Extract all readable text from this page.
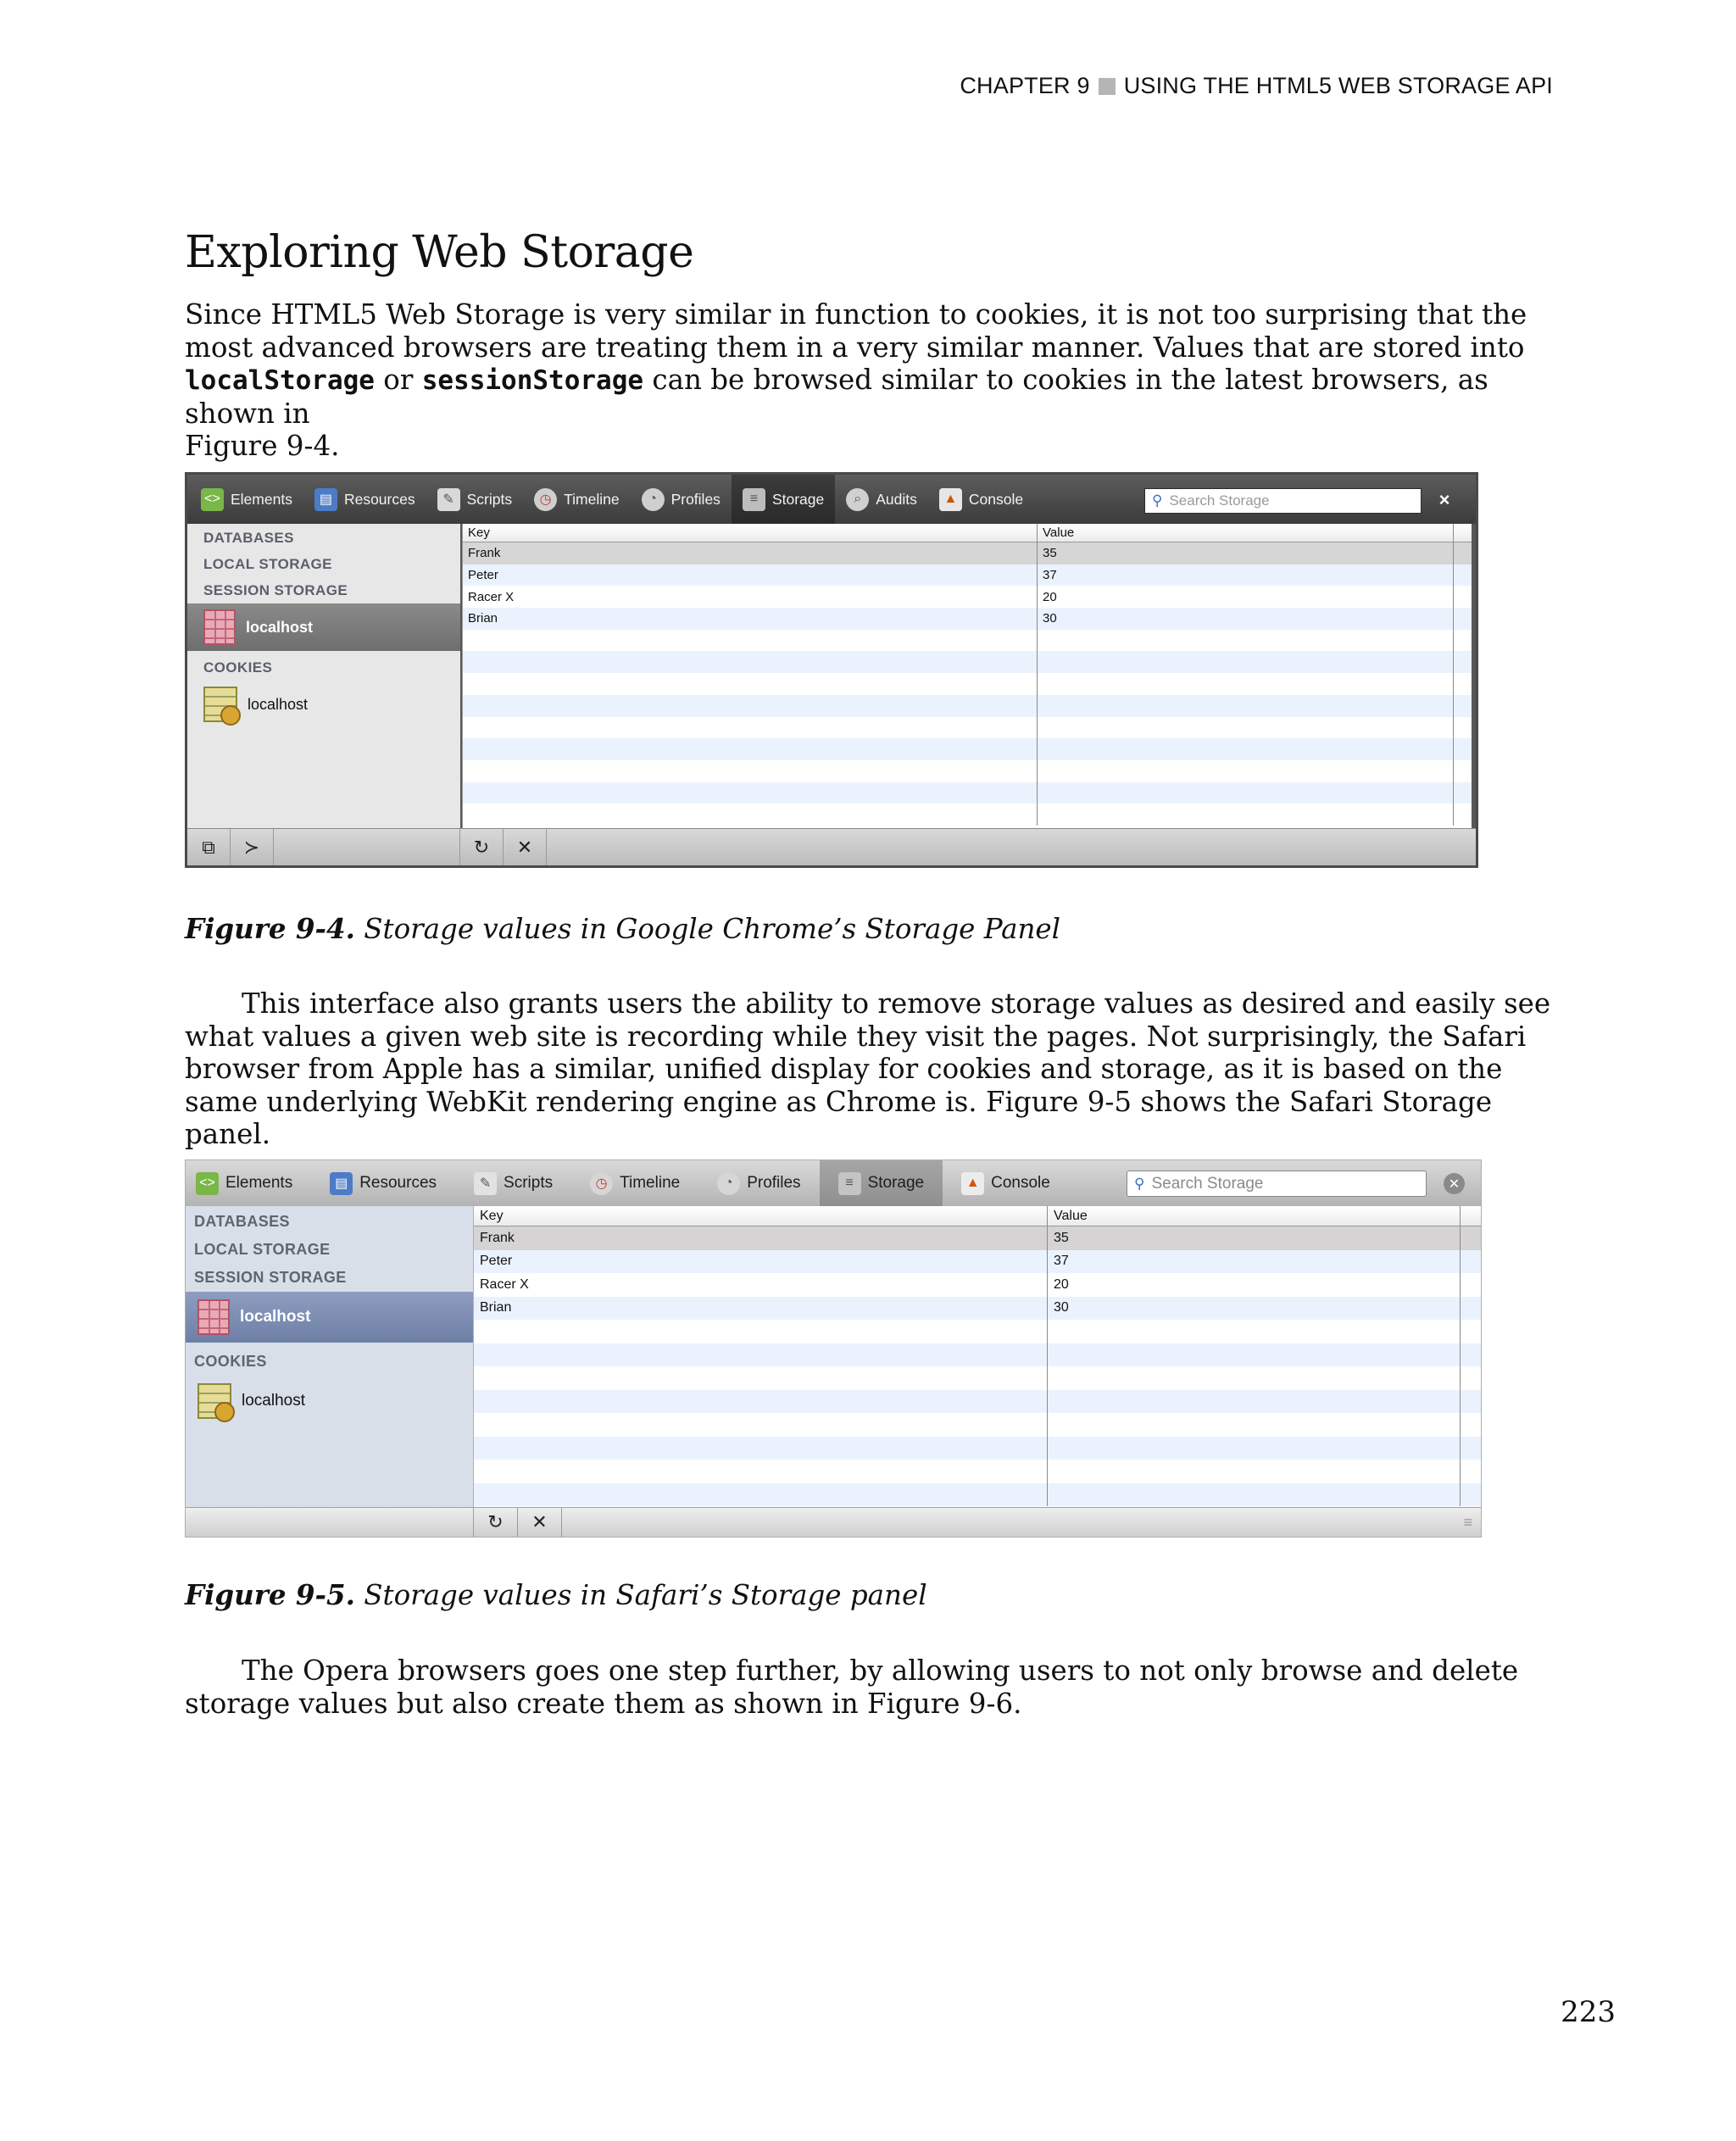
CHAPTER 9 USING THE HTML5 WEB STORAGE API
Exploring Web Storage

Since HTML5 Web Storage is very similar in function to cookies, it is not too surprising that the most advanced browsers are treating them in a very similar manner. Values that are stored into localStorage or sessionStorage can be browsed similar to cookies in the latest browsers, as shown in
Figure 9-4.

<> Elements	▤ Resources	✎ Scripts	◷ Timeline	◔ Profiles	≡ Storage	⌕ Audits	▲ Console	⚲ Search Storage	×
DATABASES
LOCAL STORAGE
SESSION STORAGE
localhost
COOKIES
localhost
Key	Value
Frank	35
Peter	37
Racer X	20
Brian	30
⧉ ≻	↻ ✕

Figure 9-4. Storage values in Google Chrome’s Storage Panel

This interface also grants users the ability to remove storage values as desired and easily see what values a given web site is recording while they visit the pages. Not surprisingly, the Safari browser from Apple has a similar, unified display for cookies and storage, as it is based on the same underlying WebKit rendering engine as Chrome is. Figure 9-5 shows the Safari Storage panel.

<> Elements	▤ Resources	✎ Scripts	◷ Timeline	◔ Profiles	≡ Storage	▲ Console	⚲ Search Storage	✕
DATABASES
LOCAL STORAGE
SESSION STORAGE
localhost
COOKIES
localhost
Key	Value
Frank	35
Peter	37
Racer X	20
Brian	30
↻ ✕	≡

Figure 9-5. Storage values in Safari’s Storage panel

The Opera browsers goes one step further, by allowing users to not only browse and delete storage values but also create them as shown in Figure 9-6.

223
